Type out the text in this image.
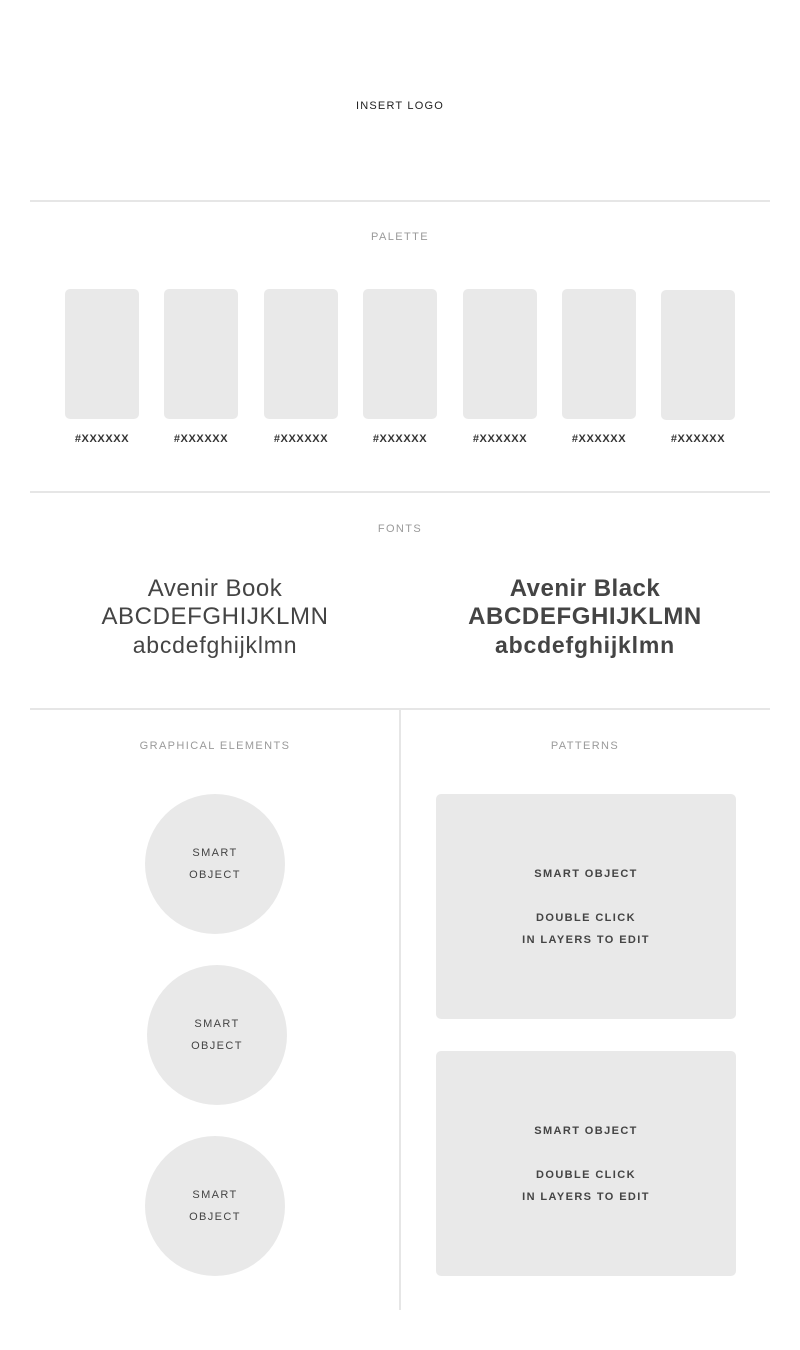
INSERT LOGO
PALETTE
#XXXXXX	#XXXXXX	#XXXXXX	#XXXXXX	#XXXXXX	#XXXXXX	#XXXXXX
FONTS
Avenir Book
ABCDEFGHIJKLMN
abcdefghijklmn
Avenir Black
ABCDEFGHIJKLMN
abcdefghijklmn
GRAPHICAL ELEMENTS
SMART
OBJECT
SMART
OBJECT
SMART
OBJECT
PATTERNS
SMART OBJECT
DOUBLE CLICK
IN LAYERS TO EDIT
SMART OBJECT
DOUBLE CLICK
IN LAYERS TO EDIT
